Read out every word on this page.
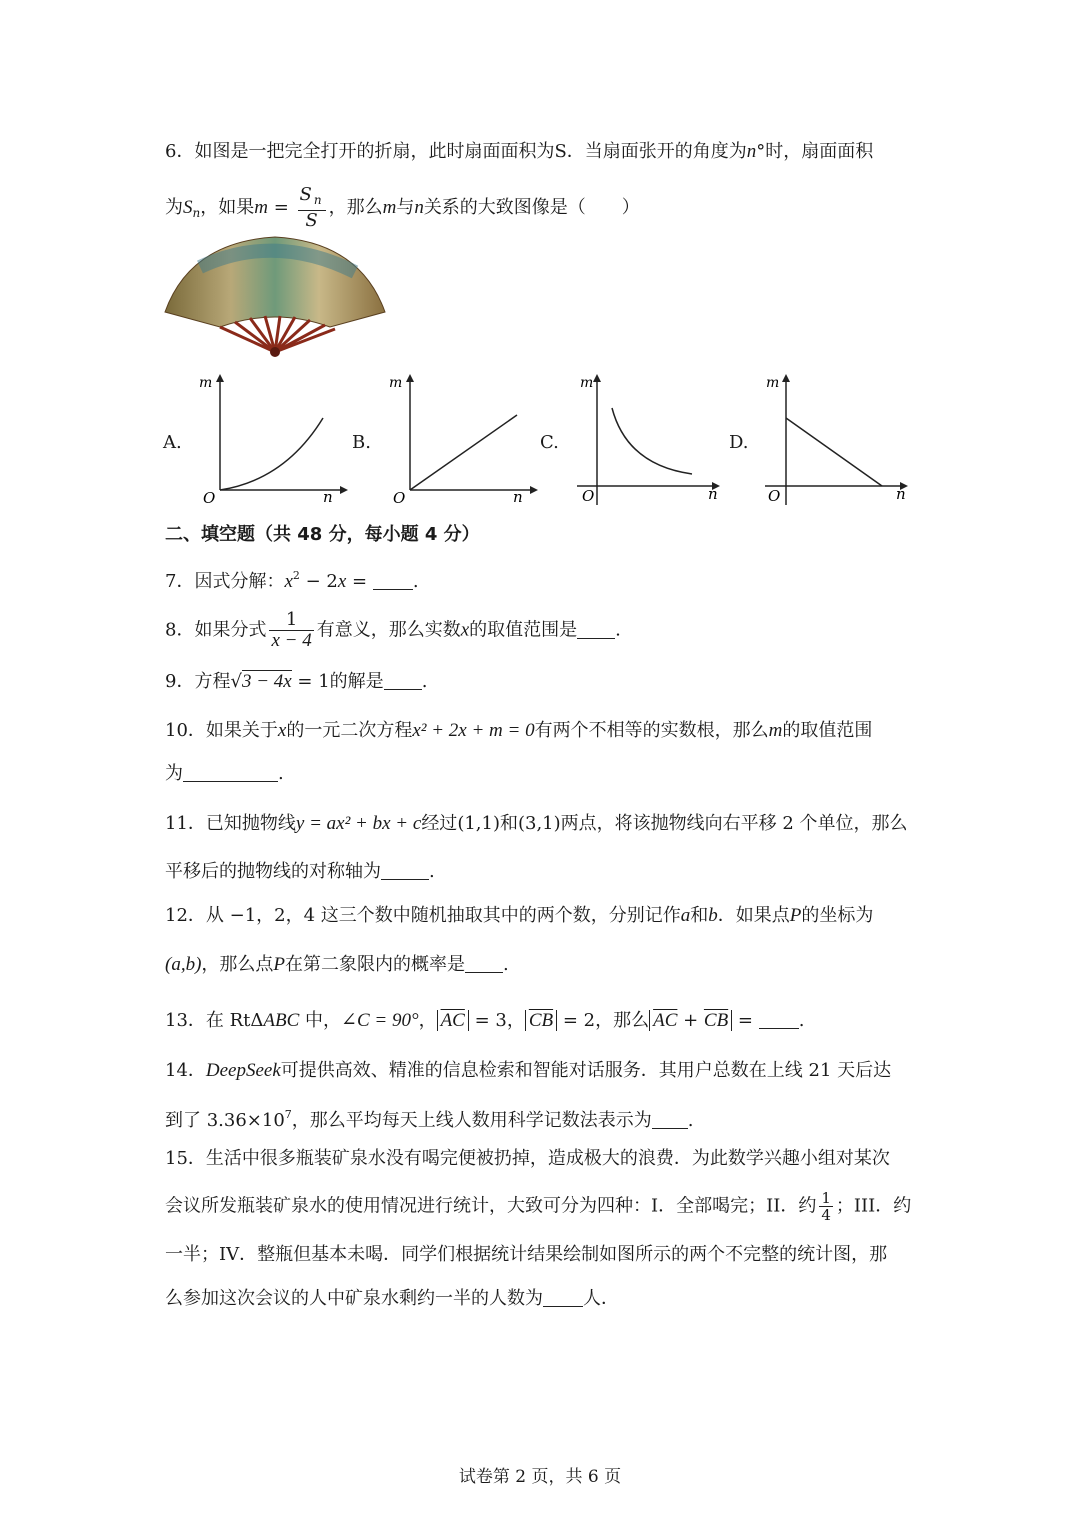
6．如图是一把完全打开的折扇，此时扇面面积为S．当扇面张开的角度为n°时，扇面面积
为$S_n$，如果$m = \frac{S _n}{S}$ ，那么m与n关系的大致图像是（　　）
A.	B.	C.	D.
m
O	n
m
O	n
m
O	n
m
O	n
二、填空题（共 48 分，每小题 4 分）
7．因式分解：$x^2 - 2x$ = .
8．如果分式 $\frac{1}{x - 4}$ 有意义，那么实数x的取值范围是 .
9．方程√3 − 4x = 1的解是 .
10．如果关于x的一元二次方程x² + 2x + m = 0有两个不相等的实数根，那么m的取值范围
为	.
11．已知抛物线y = ax² + bx + c经过(1,1)和(3,1)两点，将该抛物线向右平移 2 个单位，那么
平移后的抛物线的对称轴为	.
12．从 −1，2，4 这三个数中随机抽取其中的两个数，分别记作a和b．如果点P的坐标为
(a,b)，那么点P在第二象限内的概率是 .
13．在 RtΔABC 中，∠C = 90°， $\overline{AC} = 3$， $\overline{CB} = 2$，那么 $\overline{AC} + \overline{CB}$ = .
14．DeepSeek可提供高效、精准的信息检索和智能对话服务．其用户总数在上线 21 天后达
到了 $3.36\times 10^7$，那么平均每天上线人数用科学记数法表示为 .
15．生活中很多瓶装矿泉水没有喝完便被扔掉，造成极大的浪费．为此数学兴趣小组对某次
会议所发瓶装矿泉水的使用情况进行统计，大致可分为四种：I．全部喝完；II．约 $\frac{1}{4}$ ；III．约
一半；IV．整瓶但基本未喝．同学们根据统计结果绘制如图所示的两个不完整的统计图，那
么参加这次会议的人中矿泉水剩约一半的人数为 人．
试卷第 2 页，共 6 页
